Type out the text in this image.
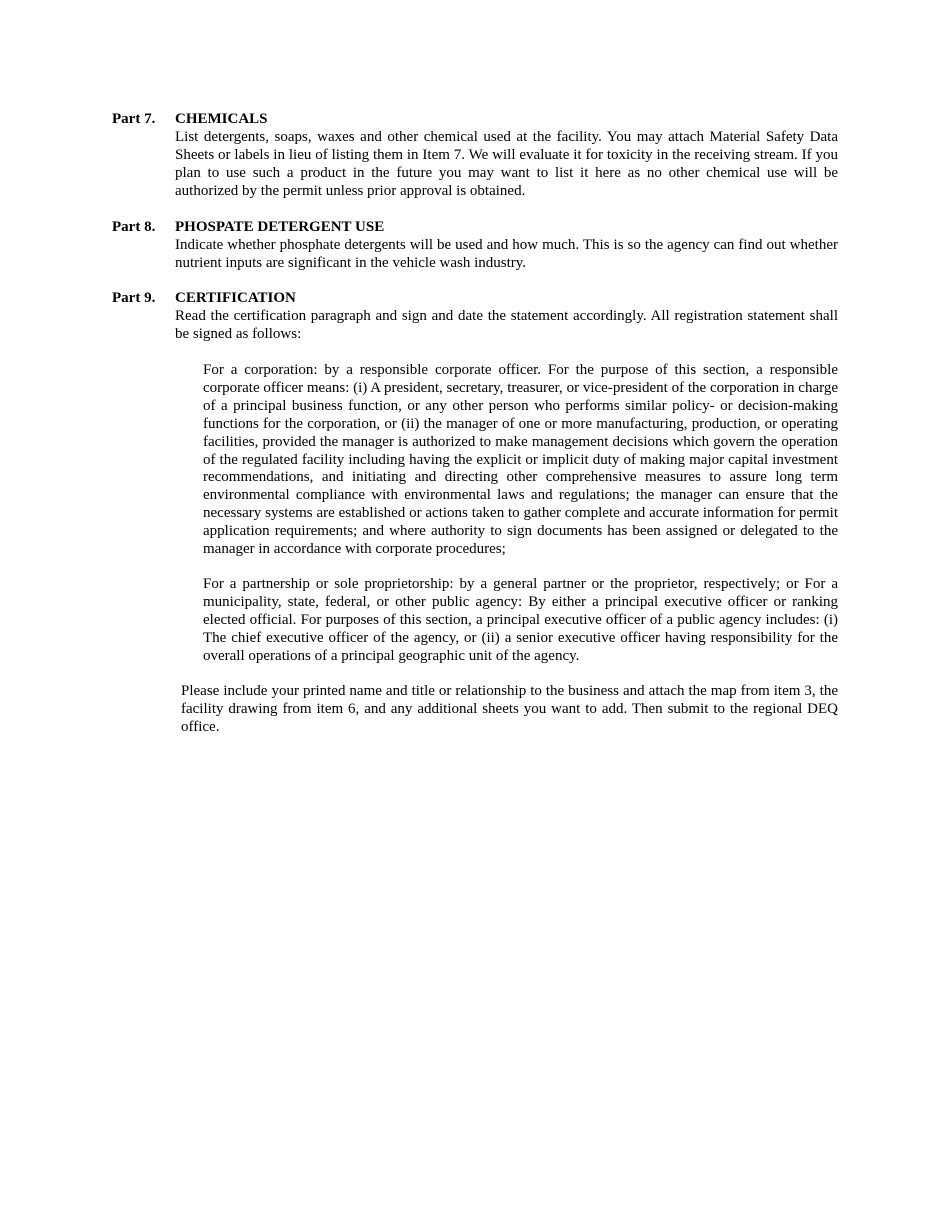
Part 7.	CHEMICALS
List detergents, soaps, waxes and other chemical used at the facility. You may attach Material Safety Data Sheets or labels in lieu of listing them in Item 7. We will evaluate it for toxicity in the receiving stream. If you plan to use such a product in the future you may want to list it here as no other chemical use will be authorized by the permit unless prior approval is obtained.
Part 8.	PHOSPATE DETERGENT USE
Indicate whether phosphate detergents will be used and how much. This is so the agency can find out whether nutrient inputs are significant in the vehicle wash industry.
Part 9.	CERTIFICATION
Read the certification paragraph and sign and date the statement accordingly. All registration statement shall be signed as follows:
For a corporation: by a responsible corporate officer. For the purpose of this section, a responsible corporate officer means: (i) A president, secretary, treasurer, or vice-president of the corporation in charge of a principal business function, or any other person who performs similar policy- or decision-making functions for the corporation, or (ii) the manager of one or more manufacturing, production, or operating facilities, provided the manager is authorized to make management decisions which govern the operation of the regulated facility including having the explicit or implicit duty of making major capital investment recommendations, and initiating and directing other comprehensive measures to assure long term environmental compliance with environmental laws and regulations; the manager can ensure that the necessary systems are established or actions taken to gather complete and accurate information for permit application requirements; and where authority to sign documents has been assigned or delegated to the manager in accordance with corporate procedures;
For a partnership or sole proprietorship: by a general partner or the proprietor, respectively; or For a municipality, state, federal, or other public agency: By either a principal executive officer or ranking elected official. For purposes of this section, a principal executive officer of a public agency includes: (i) The chief executive officer of the agency, or (ii) a senior executive officer having responsibility for the overall operations of a principal geographic unit of the agency.
Please include your printed name and title or relationship to the business and attach the map from item 3, the facility drawing from item 6, and any additional sheets you want to add. Then submit to the regional DEQ office.
